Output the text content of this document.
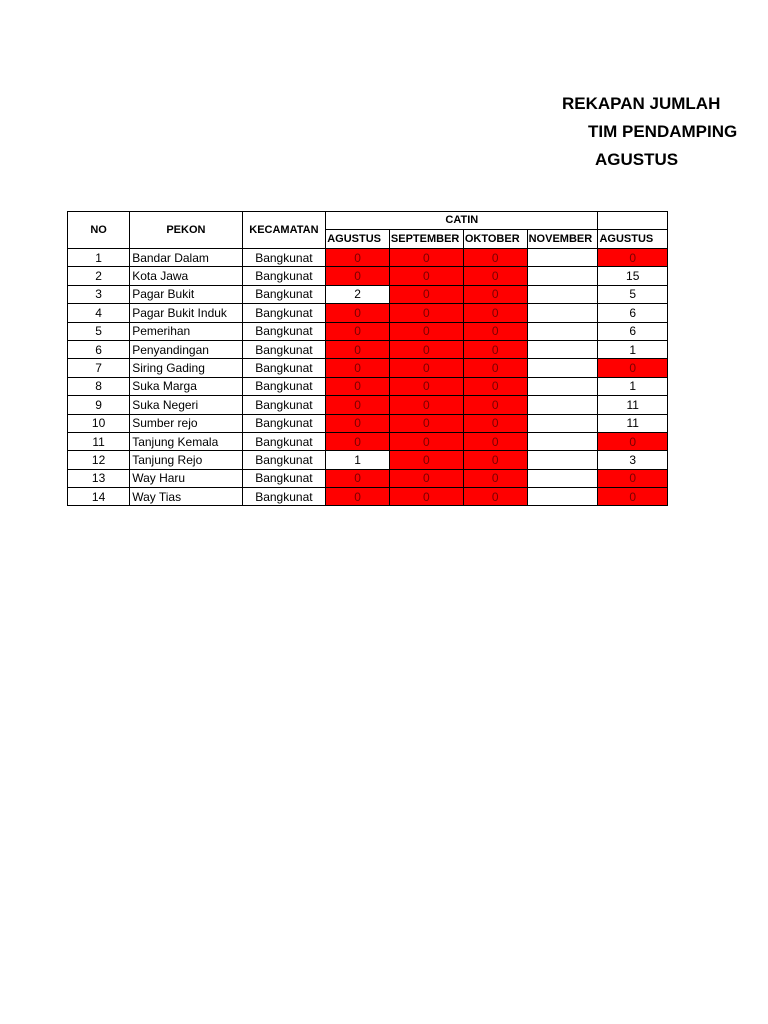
REKAPAN JUMLAH
TIM PENDAMPING
AGUSTUS
NO	PEKON	KECAMATAN	CATIN				
			AGUSTUS	SEPTEMBER	OKTOBER	NOVEMBER	AGUSTUS
1	Bandar Dalam	Bangkunat	0	0	0		0
2	Kota Jawa	Bangkunat	0	0	0		15
3	Pagar Bukit	Bangkunat	2	0	0		5
4	Pagar Bukit Induk	Bangkunat	0	0	0		6
5	Pemerihan	Bangkunat	0	0	0		6
6	Penyandingan	Bangkunat	0	0	0		1
7	Siring Gading	Bangkunat	0	0	0		0
8	Suka Marga	Bangkunat	0	0	0		1
9	Suka Negeri	Bangkunat	0	0	0		11
10	Sumber rejo	Bangkunat	0	0	0		11
11	Tanjung Kemala	Bangkunat	0	0	0		0
12	Tanjung Rejo	Bangkunat	1	0	0		3
13	Way Haru	Bangkunat	0	0	0		0
14	Way Tias	Bangkunat	0	0	0		0
